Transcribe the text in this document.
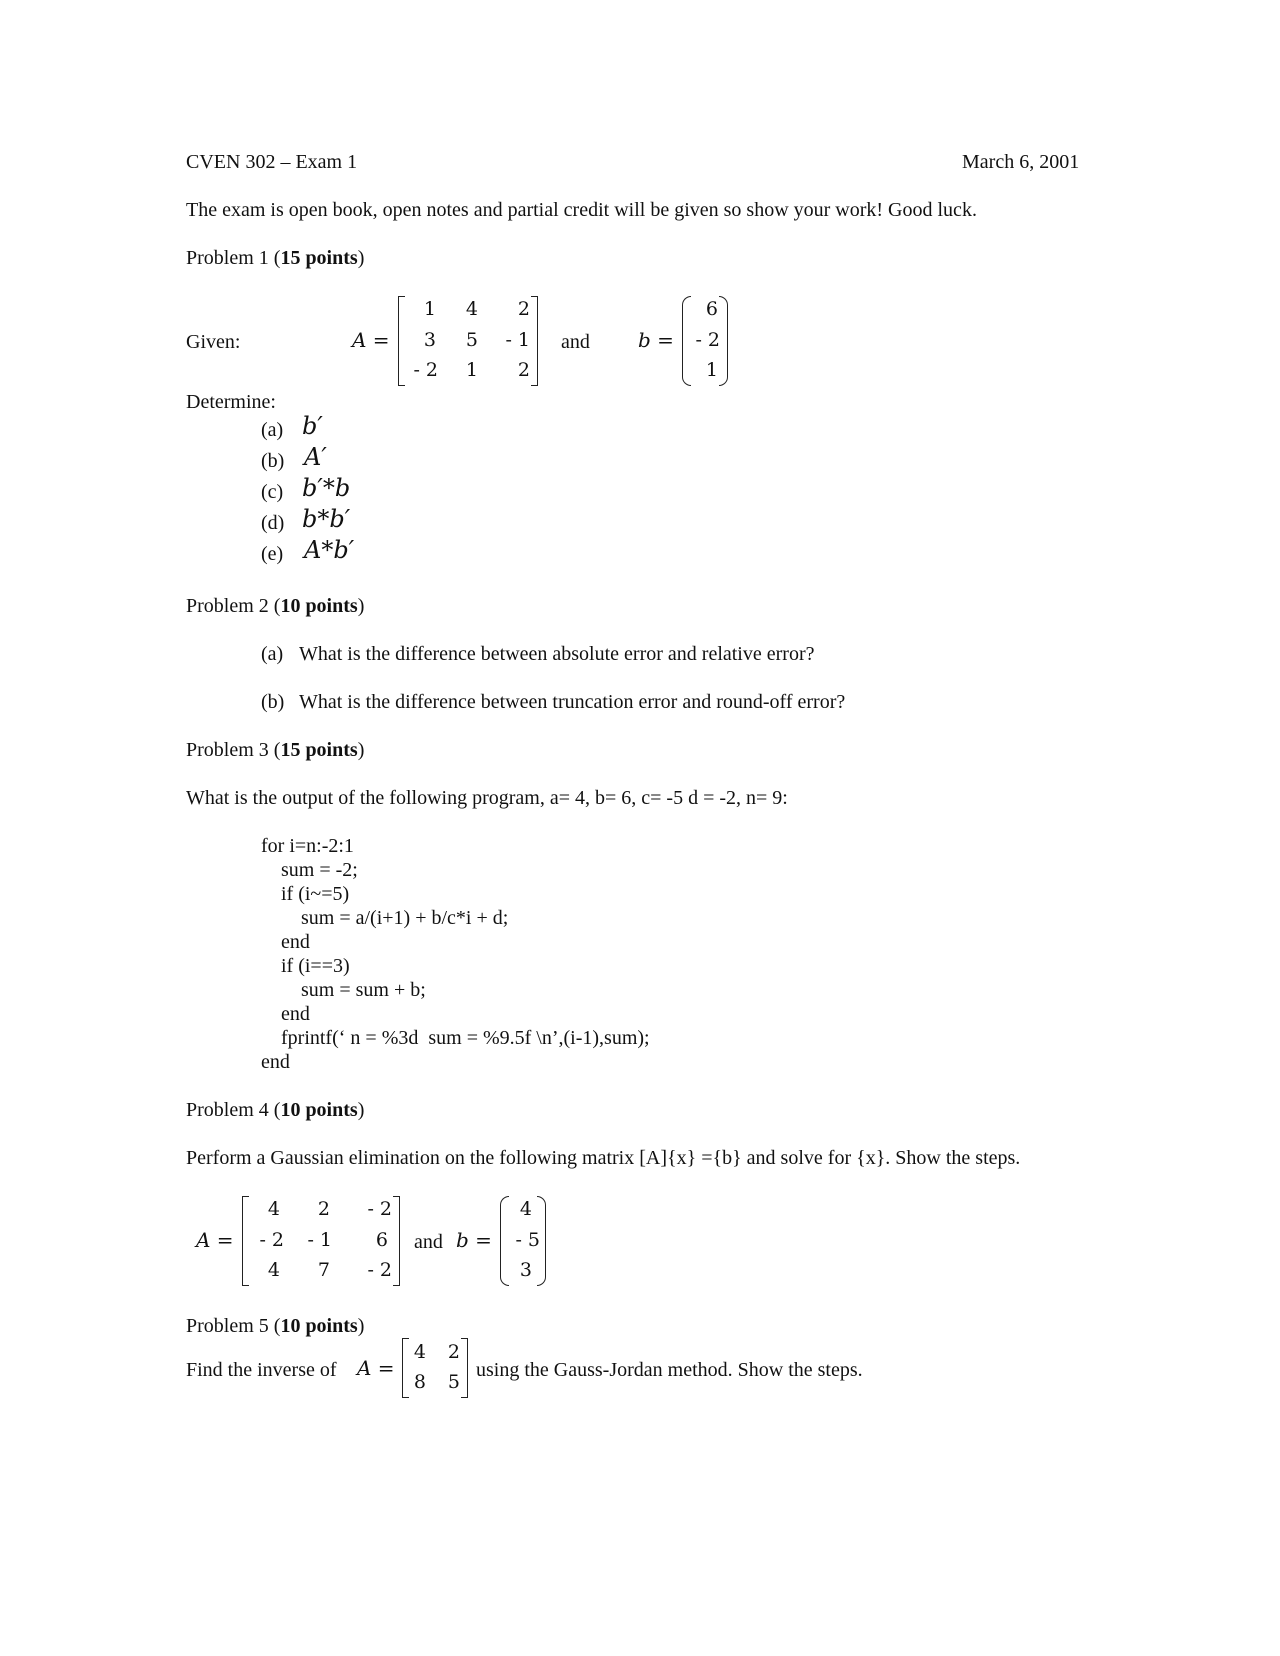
CVEN 302 – Exam 1	March 6, 2001
The exam is open book, open notes and partial credit will be given so show your work! Good luck.
Problem 1 (15 points)
Given:	A =
1	4	2
3	5	- 1
- 2	1	2
and b =
6
- 2
1
Determine:
(a) b′
(b) A′
(c) b′*b
(d) b*b′
(e) A*b′
Problem 2 (10 points)
(a) What is the difference between absolute error and relative error?
(b) What is the difference between truncation error and round-off error?
Problem 3 (15 points)
What is the output of the following program, a= 4, b= 6, c= -5 d = -2, n= 9:
for i=n:-2:1
sum = -2;
if (i~=5)
sum = a/(i+1) + b/c*i + d;
end
if (i==3)
sum = sum + b;
end
fprintf(‘ n = %3d  sum = %9.5f \n’,(i-1),sum);
end
Problem 4 (10 points)
Perform a Gaussian elimination on the following matrix [A]{x} ={b} and solve for {x}. Show the steps.
A =
4	2	- 2
- 2	- 1	6
4	7	- 2
and b =
4
- 5
3
Problem 5 (10 points)
Find the inverse of A =
4	2
8	5
using the Gauss-Jordan method. Show the steps.
